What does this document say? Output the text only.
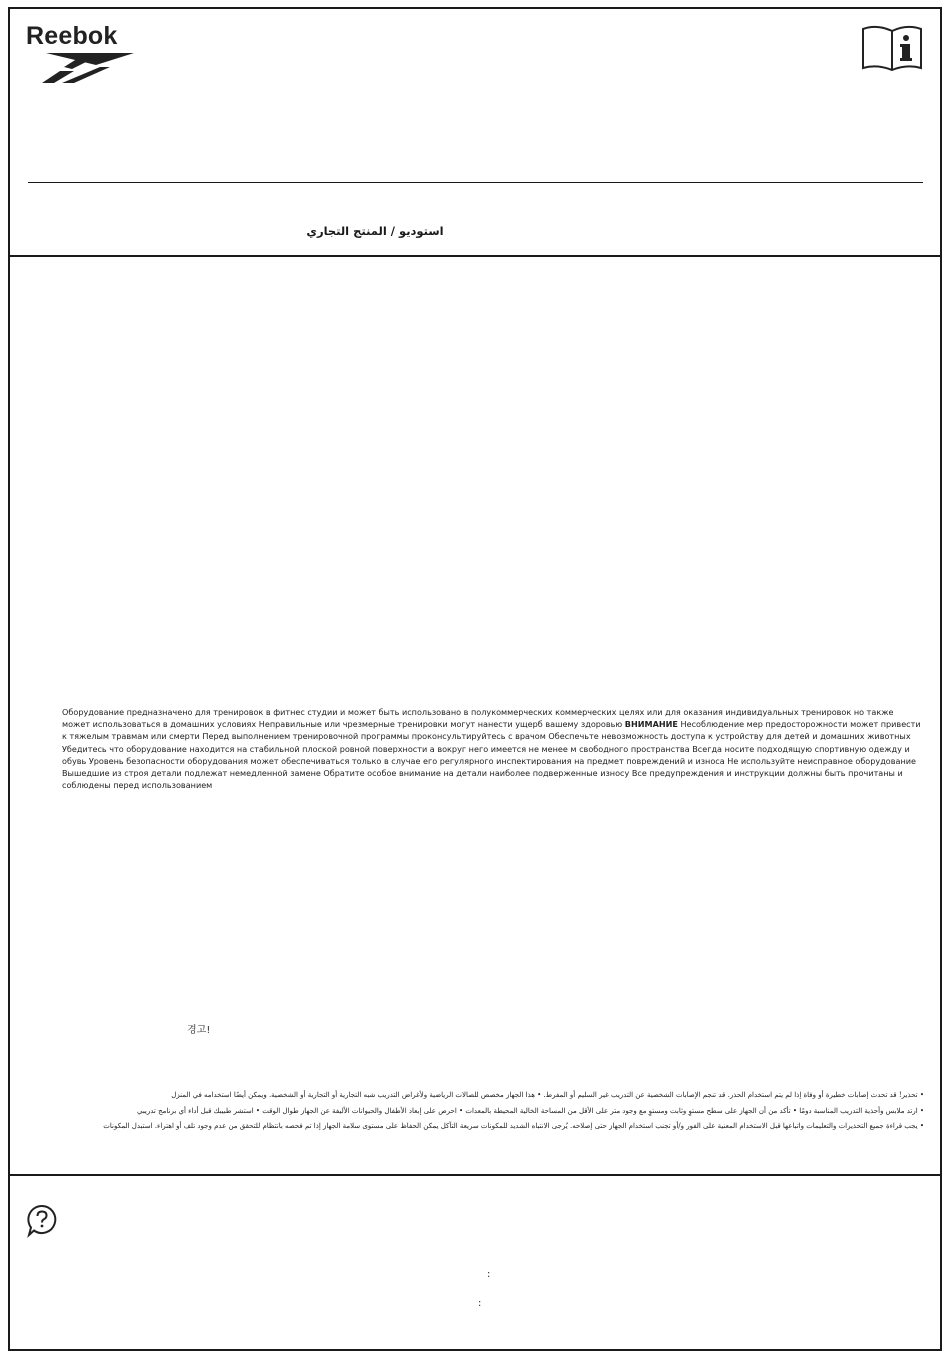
Reebok
استوديو / المنتج التجاري
Оборудование предназначено для тренировок в фитнес студии и может быть использовано в полукоммерческих коммерческих целях или для оказания индивидуальных тренировок но также может использоваться в домашних условиях Неправильные или чрезмерные тренировки могут нанести ущерб вашему здоровью ВНИМАНИЕ Несоблюдение мер предосторожности может привести к тяжелым травмам или смерти Перед выполнением тренировочной программы проконсультируйтесь с врачом Обеспечьте невозможность доступа к устройству для детей и домашних животных Убедитесь что оборудование находится на стабильной плоской ровной поверхности а вокруг него имеется не менее м свободного пространства Всегда носите подходящую спортивную одежду и обувь Уровень безопасности оборудования может обеспечиваться только в случае его регулярного инспектирования на предмет повреждений и износа Не используйте неисправное оборудование Вышедшие из строя детали подлежат немедленной замене Обратите особое внимание на детали наиболее подверженные износу Все предупреждения и инструкции должны быть прочитаны и соблюдены перед использованием
경고!
• تحذير! قد تحدث إصابات خطيرة أو وفاة إذا لم يتم استخدام الحذر. قد تنجم الإصابات الشخصية عن التدريب غير السليم أو المفرط. • هذا الجهاز مخصص للصالات الرياضية ولأغراض التدريب شبه التجارية أو التجارية أو الشخصية. ويمكن أيضًا استخدامه في المنزل
• ارتد ملابس وأحذية التدريب المناسبة دومًا • تأكد من أن الجهاز على سطح مستوٍ وثابت ومستوٍ مع وجود متر على الأقل من المساحة الخالية المحيطة بالمعدات • احرص على إبعاد الأطفال والحيوانات الأليفة عن الجهاز طوال الوقت • استشر طبيبك قبل أداء أي برنامج تدريبي
• يجب قراءة جميع التحذيرات والتعليمات واتباعها قبل الاستخدام المعنية على الفور و/أو تجنب استخدام الجهاز حتى إصلاحه. يُرجى الانتباه الشديد للمكونات سريعة التآكل يمكن الحفاظ على مستوى سلامة الجهاز إذا تم فحصه بانتظام للتحقق من عدم وجود تلف أو اهتراء. استبدل المكونات
:
:
